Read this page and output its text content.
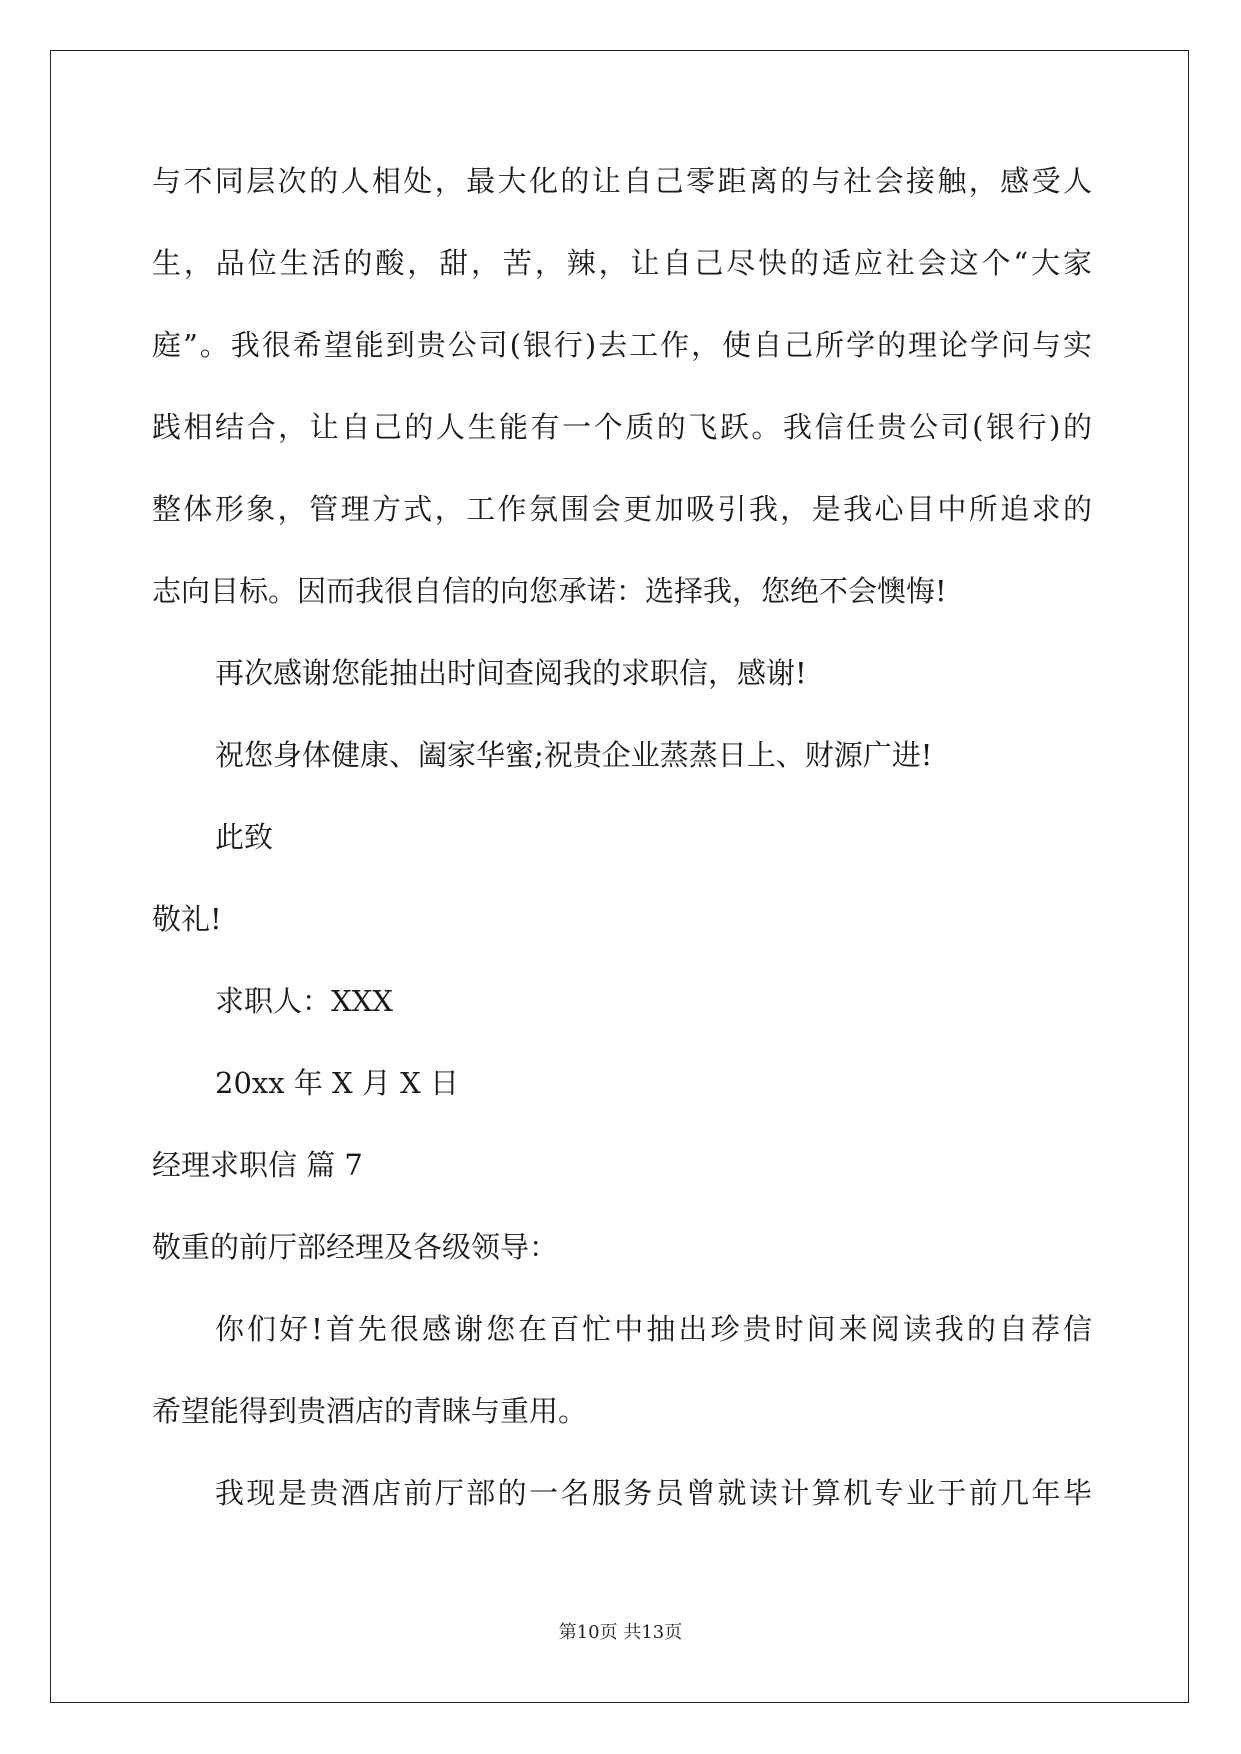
与不同层次的人相处，最大化的让自己零距离的与社会接触，感受人
生，品位生活的酸，甜，苦，辣，让自己尽快的适应社会这个“大家
庭”。我很希望能到贵公司(银行)去工作，使自己所学的理论学问与实
践相结合，让自己的人生能有一个质的飞跃。我信任贵公司(银行)的
整体形象，管理方式，工作氛围会更加吸引我，是我心目中所追求的
志向目标。因而我很自信的向您承诺：选择我，您绝不会懊悔!
再次感谢您能抽出时间查阅我的求职信，感谢!
祝您身体健康、阖家华蜜;祝贵企业蒸蒸日上、财源广进!
此致
敬礼!
求职人：XXX
20xx 年 X 月 X 日
经理求职信 篇 7
敬重的前厅部经理及各级领导：
你们好!首先很感谢您在百忙中抽出珍贵时间来阅读我的自荐信
希望能得到贵酒店的青睐与重用。
我现是贵酒店前厅部的一名服务员曾就读计算机专业于前几年毕
第10页 共13页
